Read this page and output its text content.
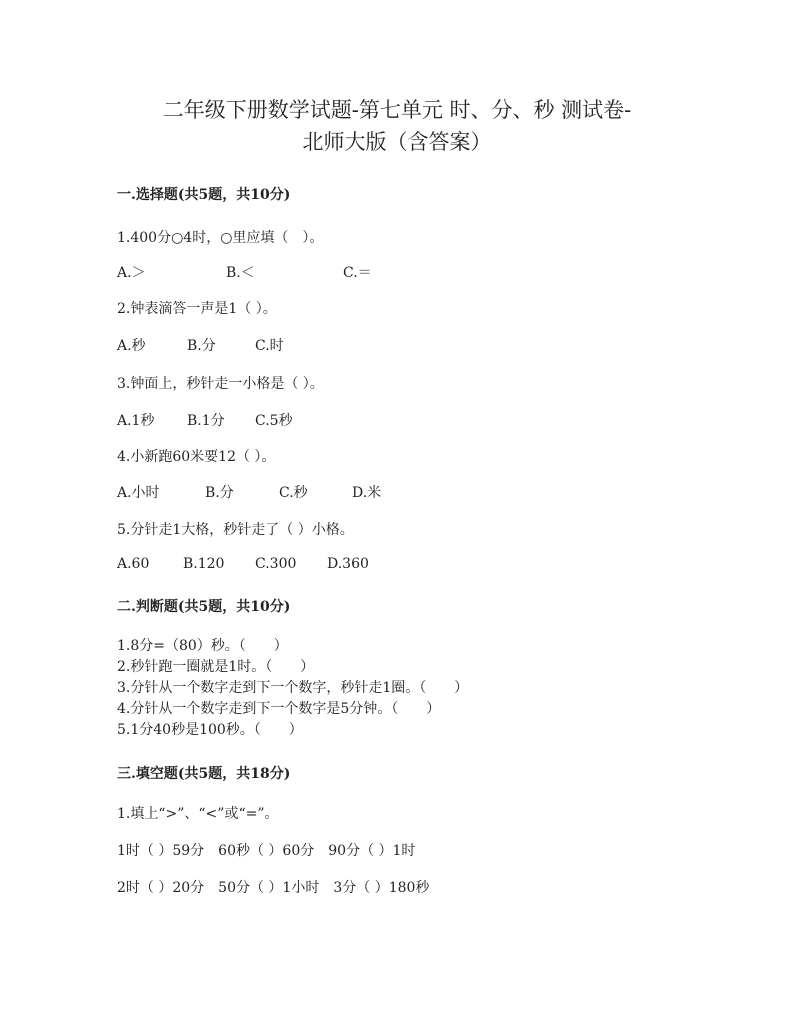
二年级下册数学试题-第七单元 时、分、秒 测试卷-
北师大版（含答案）
一.选择题(共5题，共10分)
1.400分○4时，○里应填（　）。
A.＞	B.＜	C.＝
2.钟表滴答一声是1（ ）。
A.秒	B.分	C.时
3.钟面上，秒针走一小格是（ ）。
A.1秒 B.1分 C.5秒
4.小新跑60米要12（ ）。
A.小时	B.分	C.秒	D.米
5.分针走1大格，秒针走了（ ）小格。
A.60 B.120 C.300 D.360
二.判断题(共5题，共10分)
1.8分=（80）秒。（　　）
2.秒针跑一圈就是1时。（　　）
3.分针从一个数字走到下一个数字，秒针走1圈。（　　）
4.分针从一个数字走到下一个数字是5分钟。（　　）
5.1分40秒是100秒。（　　）
三.填空题(共5题，共18分)
1.填上“>”、“<”或“=”。
1时（ ）59分　60秒（ ）60分　90分（ ）1时
2时（ ）20分　50分（ ）1小时　3分（ ）180秒
